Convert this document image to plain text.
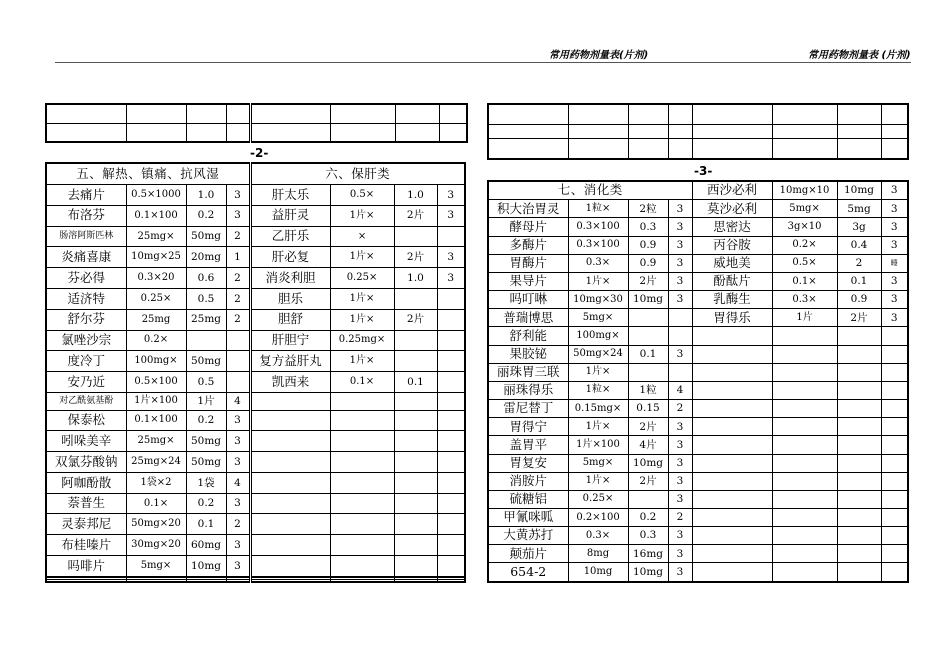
常用药物剂量表(片剂)	常用药物剂量表 (片剂)

-2-
-3-
五、解热、镇痛、抗风湿				六、保肝类			
去痛片	0.5×1000	1.0	3	肝太乐	0.5×	1.0	3
布洛芬	0.1×100	0.2	3	益肝灵	1片×	2片	3
肠溶阿斯匹林	25mg×	50mg	2	乙肝乐	×		
炎痛喜康	10mg×25	20mg	1	肝必复	1片×	2片	3
芬必得	0.3×20	0.6	2	消炎利胆	0.25×	1.0	3
适济特	0.25×	0.5	2	胆乐	1片×		
舒尔芬	25mg	25mg	2	胆舒	1片×	2片	
氯唑沙宗	0.2×			肝胆宁	0.25mg×		
度冷丁	100mg×	50mg		复方益肝丸	1片×		
安乃近	0.5×100	0.5		凯西来	0.1×	0.1	
对乙酰氨基酚	1片×100	1片	4				
保泰松	0.1×100	0.2	3				
吲哚美辛	25mg×	50mg	3				
双氯芬酸钠	25mg×24	50mg	3				
阿咖酚散	1袋×2	1袋	4				
萘普生	0.1×	0.2	3				
灵泰邦尼	50mg×20	0.1	2				
布桂嗪片	30mg×20	60mg	3				
吗啡片	5mg×	10mg	3				

七、消化类				西沙必利	10mg×10	10mg	3
积大治胃灵	1粒×	2粒	3	莫沙必利	5mg×	5mg	3
酵母片	0.3×100	0.3	3	思密达	3g×10	3g	3
多酶片	0.3×100	0.9	3	丙谷胺	0.2×	0.4	3
胃酶片	0.3×	0.9	3	威地美	0.5×	2	睡
果导片	1片×	2片	3	酚酞片	0.1×	0.1	3
吗叮啉	10mg×30	10mg	3	乳酶生	0.3×	0.9	3
普瑞博思	5mg×			胃得乐	1片	2片	3
舒利能	100mg×						
果胶铋	50mg×24	0.1	3				
丽珠胃三联	1片×						
丽珠得乐	1粒×	1粒	4				
雷尼替丁	0.15mg×	0.15	2				
胃得宁	1片×	2片	3				
盖胃平	1片×100	4片	3				
胃复安	5mg×	10mg	3				
消胺片	1片×	2片	3				
硫糖铝	0.25×		3				
甲氰咪呱	0.2×100	0.2	2				
大黄苏打	0.3×	0.3	3				
颠茄片	8mg	16mg	3				
654-2	10mg	10mg	3				
